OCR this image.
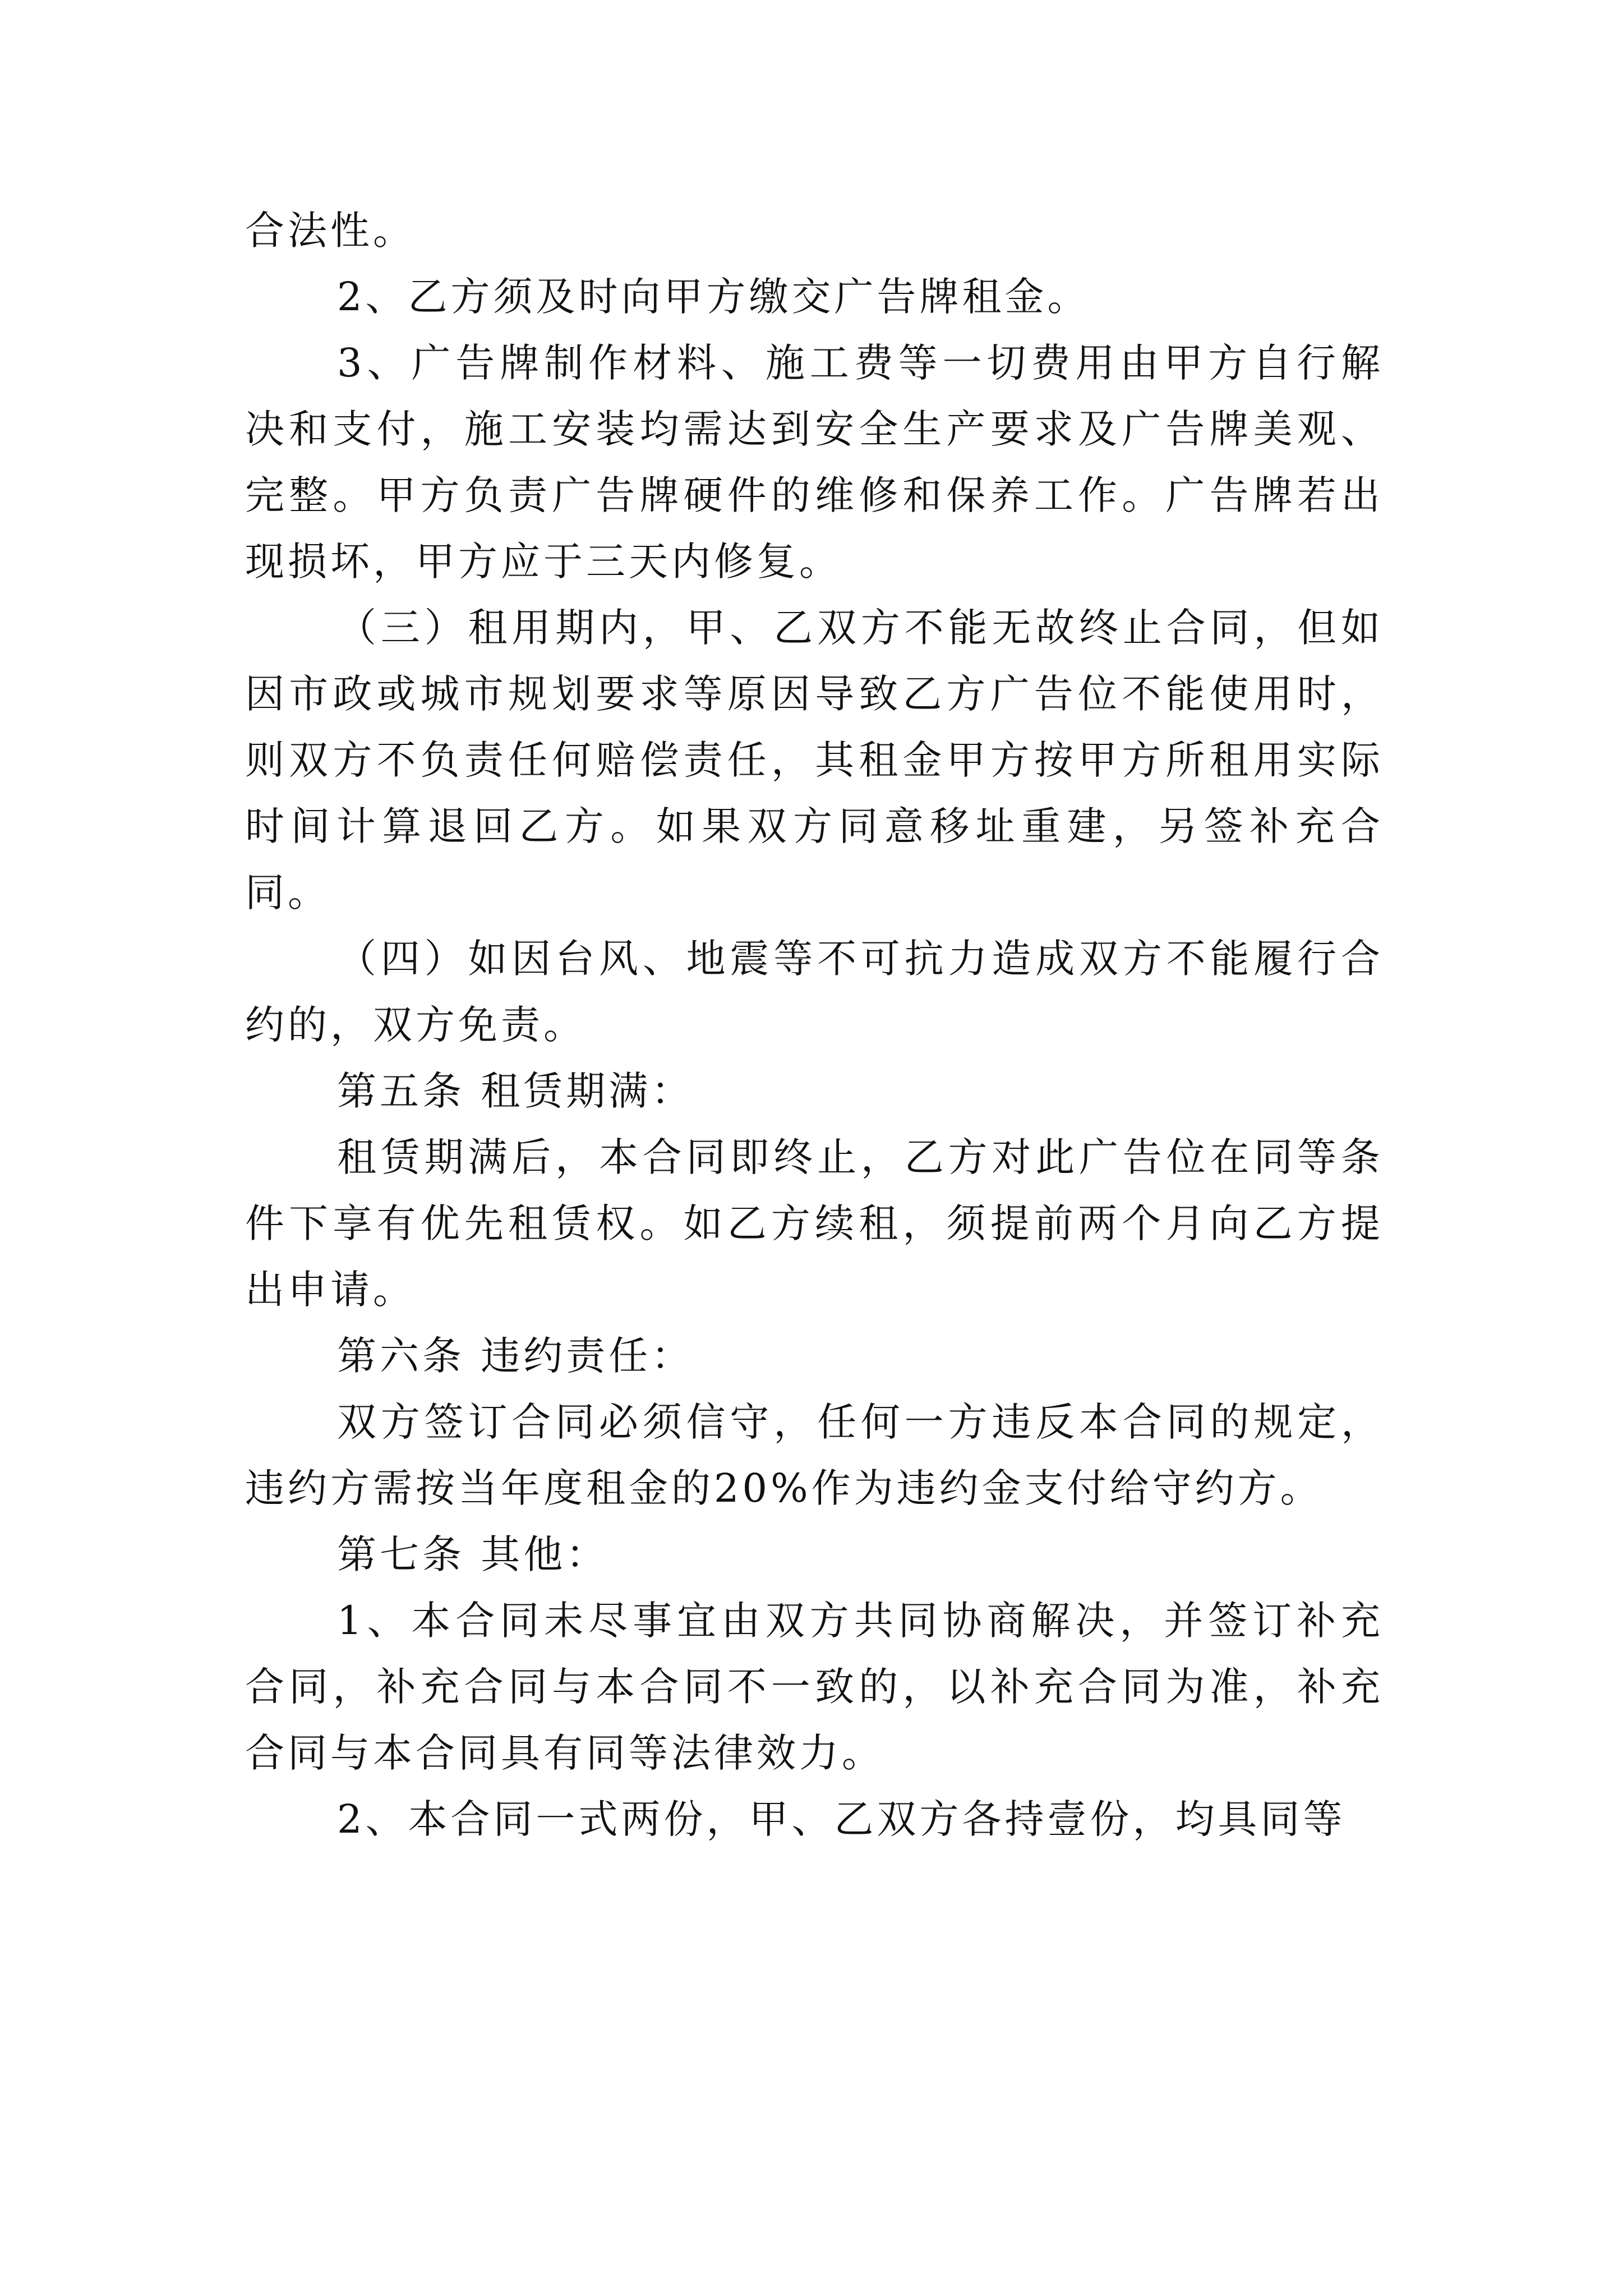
合法性。

2、乙方须及时向甲方缴交广告牌租金。

3、广告牌制作材料、施工费等一切费用由甲方自行解决和支付，施工安装均需达到安全生产要求及广告牌美观、完整。甲方负责广告牌硬件的维修和保养工作。广告牌若出现损坏，甲方应于三天内修复。

（三）租用期内，甲、乙双方不能无故终止合同，但如因市政或城市规划要求等原因导致乙方广告位不能使用时，则双方不负责任何赔偿责任，其租金甲方按甲方所租用实际时间计算退回乙方。如果双方同意移址重建，另签补充合同。

（四）如因台风、地震等不可抗力造成双方不能履行合约的，双方免责。

第五条 租赁期满：

租赁期满后，本合同即终止，乙方对此广告位在同等条件下享有优先租赁权。如乙方续租，须提前两个月向乙方提出申请。

第六条 违约责任：

双方签订合同必须信守，任何一方违反本合同的规定，违约方需按当年度租金的20%作为违约金支付给守约方。

第七条 其他：

1、本合同未尽事宜由双方共同协商解决，并签订补充合同，补充合同与本合同不一致的，以补充合同为准，补充合同与本合同具有同等法律效力。

2、本合同一式两份，甲、乙双方各持壹份，均具同等
